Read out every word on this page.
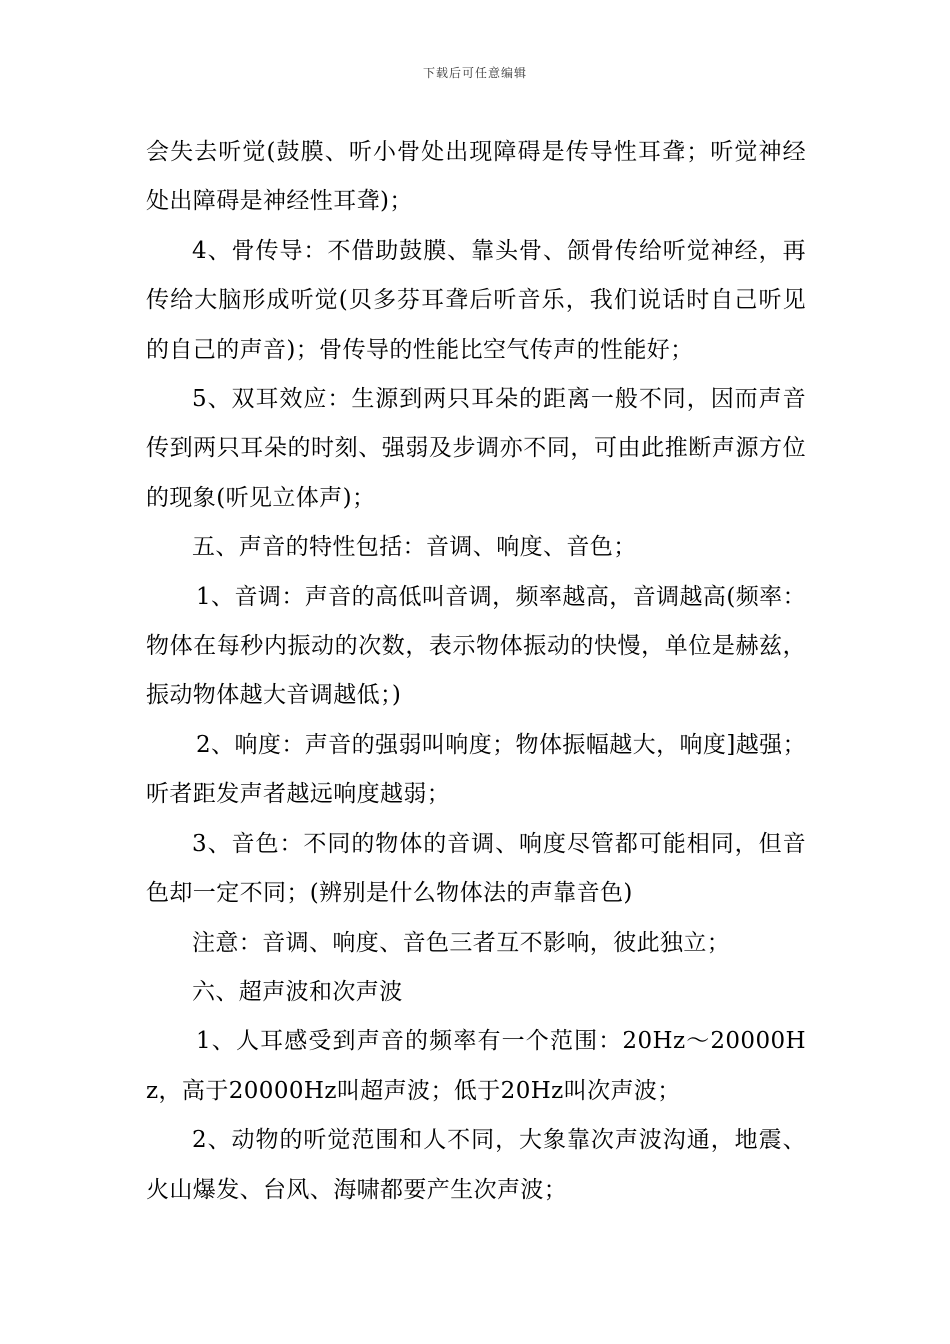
下载后可任意编辑

会失去听觉(鼓膜、听小骨处出现障碍是传导性耳聋；听觉神经处出障碍是神经性耳聋)；

4、骨传导：不借助鼓膜、靠头骨、颌骨传给听觉神经，再传给大脑形成听觉(贝多芬耳聋后听音乐，我们说话时自己听见的自己的声音)；骨传导的性能比空气传声的性能好；

5、双耳效应：生源到两只耳朵的距离一般不同，因而声音传到两只耳朵的时刻、强弱及步调亦不同，可由此推断声源方位的现象(听见立体声)；

五、声音的特性包括：音调、响度、音色；

1、音调：声音的高低叫音调，频率越高，音调越高(频率：物体在每秒内振动的次数，表示物体振动的快慢，单位是赫兹，振动物体越大音调越低；)

2、响度：声音的强弱叫响度；物体振幅越大，响度]越强；听者距发声者越远响度越弱；

3、音色：不同的物体的音调、响度尽管都可能相同，但音色却一定不同；(辨别是什么物体法的声靠音色)

注意：音调、响度、音色三者互不影响，彼此独立；

六、超声波和次声波

1、人耳感受到声音的频率有一个范围：20Hz～20000Hz，高于20000Hz叫超声波；低于20Hz叫次声波；

2、动物的听觉范围和人不同，大象靠次声波沟通，地震、火山爆发、台风、海啸都要产生次声波；
